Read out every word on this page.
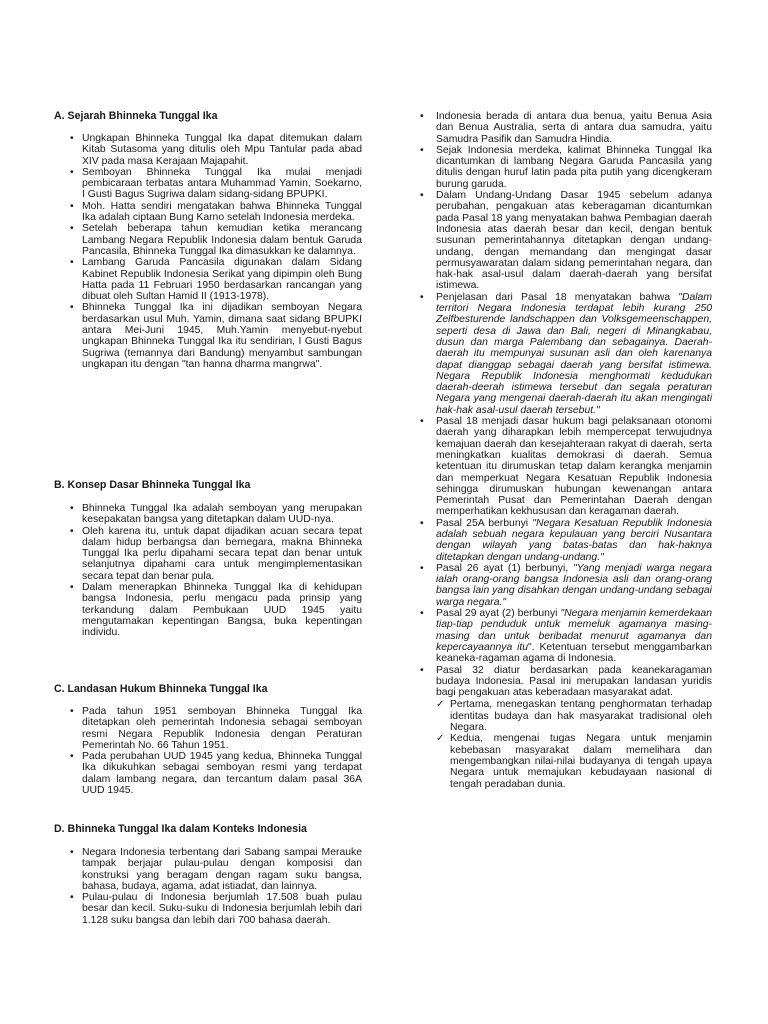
A. Sejarah Bhinneka Tunggal Ika
• Ungkapan Bhinneka Tunggal Ika dapat ditemukan dalam Kitab Sutasoma yang ditulis oleh Mpu Tantular pada abad XIV pada masa Kerajaan Majapahit.
• Semboyan Bhinneka Tunggal Ika mulai menjadi pembicaraan terbatas antara Muhammad Yamin, Soekarno, I Gusti Bagus Sugriwa dalam sidang-sidang BPUPKI.
• Moh. Hatta sendiri mengatakan bahwa Bhinneka Tunggal Ika adalah ciptaan Bung Karno setelah Indonesia merdeka.
• Setelah beberapa tahun kemudian ketika merancang Lambang Negara Republik Indonesia dalam bentuk Garuda Pancasila, Bhinneka Tunggal Ika dimasukkan ke dalamnya.
• Lambang Garuda Pancasila digunakan dalam Sidang Kabinet Republik Indonesia Serikat yang dipimpin oleh Bung Hatta pada 11 Februari 1950 berdasarkan rancangan yang dibuat oleh Sultan Hamid II (1913-1978).
• Bhinneka Tunggal Ika ini dijadikan semboyan Negara berdasarkan usul Muh. Yamin, dimana saat sidang BPUPKI antara Mei-Juni 1945, Muh.Yamin menyebut-nyebut ungkapan Bhinneka Tunggal Ika itu sendirian, I Gusti Bagus Sugriwa (temannya dari Bandung) menyambut sambungan ungkapan itu dengan "tan hanna dharma mangrwa".
B. Konsep Dasar Bhinneka Tunggal Ika
• Bhinneka Tunggal Ika adalah semboyan yang merupakan kesepakatan bangsa yang ditetapkan dalam UUD-nya.
• Oleh karena itu, untuk dapat dijadikan acuan secara tepat dalam hidup berbangsa dan bernegara, makna Bhinneka Tunggal Ika perlu dipahami secara tepat dan benar untuk selanjutnya dipahami cara untuk mengimplementasikan secara tepat dan benar pula.
• Dalam menerapkan Bhinneka Tunggal Ika di kehidupan bangsa Indonesia, perlu mengacu pada prinsip yang terkandung dalam Pembukaan UUD 1945 yaitu mengutamakan kepentingan Bangsa, buka kepentingan individu.
C. Landasan Hukum Bhinneka Tunggal Ika
• Pada tahun 1951 semboyan Bhinneka Tunggal Ika ditetapkan oleh pemerintah Indonesia sebagai semboyan resmi Negara Republik Indonesia dengan Peraturan Pemerintah No. 66 Tahun 1951.
• Pada perubahan UUD 1945 yang kedua, Bhinneka Tunggal Ika dikukuhkan sebagai semboyan resmi yang terdapat dalam lambang negara, dan tercantum dalam pasal 36A UUD 1945.
D. Bhinneka Tunggal Ika dalam Konteks Indonesia
• Negara Indonesia terbentang dari Sabang sampai Merauke tampak berjajar pulau-pulau dengan komposisi dan konstruksi yang beragam dengan ragam suku bangsa, bahasa, budaya, agama, adat istiadat, dan lainnya.
• Pulau-pulau di Indonesia berjumlah 17.508 buah pulau besar dan kecil. Suku-suku di Indonesia berjumlah lebih dari 1.128 suku bangsa dan lebih dari 700 bahasa daerah.

• Indonesia berada di antara dua benua, yaitu Benua Asia dan Benua Australia, serta di antara dua samudra, yaitu Samudra Pasifik dan Samudra Hindia.

• Sejak Indonesia merdeka, kalimat Bhinneka Tunggal Ika dicantumkan di lambang Negara Garuda Pancasila yang ditulis dengan huruf latin pada pita putih yang dicengkeram burung garuda.

• Dalam Undang-Undang Dasar 1945 sebelum adanya perubahan, pengakuan atas keberagaman dicantumkan pada Pasal 18 yang menyatakan bahwa Pembagian daerah Indonesia atas daerah besar dan kecil, dengan bentuk susunan pemerintahannya ditetapkan dengan undang-undang, dengan memandang dan mengingat dasar permusyawaratan dalam sidang pemerintahan negara, dan hak-hak asal-usul dalam daerah-daerah yang bersifat istimewa.

• Penjelasan dari Pasal 18 menyatakan bahwa "Dalam territori Negara Indonesia terdapat lebih kurang 250 Zelfbesturende landschappen dan Volksgemeenschappen, seperti desa di Jawa dan Bali, negeri di Minangkabau, dusun dan marga Palembang dan sebagainya. Daerah-daerah itu mempunyai susunan asli dan oleh karenanya dapat dianggap sebagai daerah yang bersifat istimewa. Negara Republik Indonesia menghormati kedudukan daerah-deerah istimewa tersebut dan segala peraturan Negara yang mengenai daerah-daerah itu akan mengingati hak-hak asal-usul daerah tersebut."

• Pasal 18 menjadi dasar hukum bagi pelaksanaan otonomi daerah yang diharapkan lebih mempercepat terwujudnya kemajuan daerah dan kesejahteraan rakyat di daerah, serta meningkatkan kualitas demokrasi di daerah. Semua ketentuan itu dirumuskan tetap dalam kerangka menjamin dan memperkuat Negara Kesatuan Republik Indonesia sehingga dirumuskan hubungan kewenangan antara Pemerintah Pusat dan Pemerintahan Daerah dengan memperhatikan kekhususan dan keragaman daerah.

• Pasal 25A berbunyi "Negara Kesatuan Republik Indonesia adalah sebuah negara kepulauan yang berciri Nusantara dengan wilayah yang batas-batas dan hak-haknya ditetapkan dengan undang-undang."

• Pasal 26 ayat (1) berbunyi, "Yang menjadi warga negara ialah orang-orang bangsa Indonesia asli dan orang-orang bangsa lain yang disahkan dengan undang-undang sebagai warga negara."

• Pasal 29 ayat (2) berbunyi "Negara menjamin kemerdekaan tiap-tiap penduduk untuk memeluk agamanya masing-masing dan untuk beribadat menurut agamanya dan kepercayaannya itu". Ketentuan tersebut menggambarkan keaneka-ragaman agama di Indonesia.

• Pasal 32 diatur berdasarkan pada keanekaragaman budaya Indonesia. Pasal ini merupakan landasan yuridis bagi pengakuan atas keberadaan masyarakat adat.

✓ Pertama, menegaskan tentang penghormatan terhadap identitas budaya dan hak masyarakat tradisional oleh Negara.
✓ Kedua, mengenai tugas Negara untuk menjamin kebebasan masyarakat dalam memelihara dan mengembangkan nilai-nilai budayanya di tengah upaya Negara untuk memajukan kebudayaan nasional di tengah peradaban dunia.
